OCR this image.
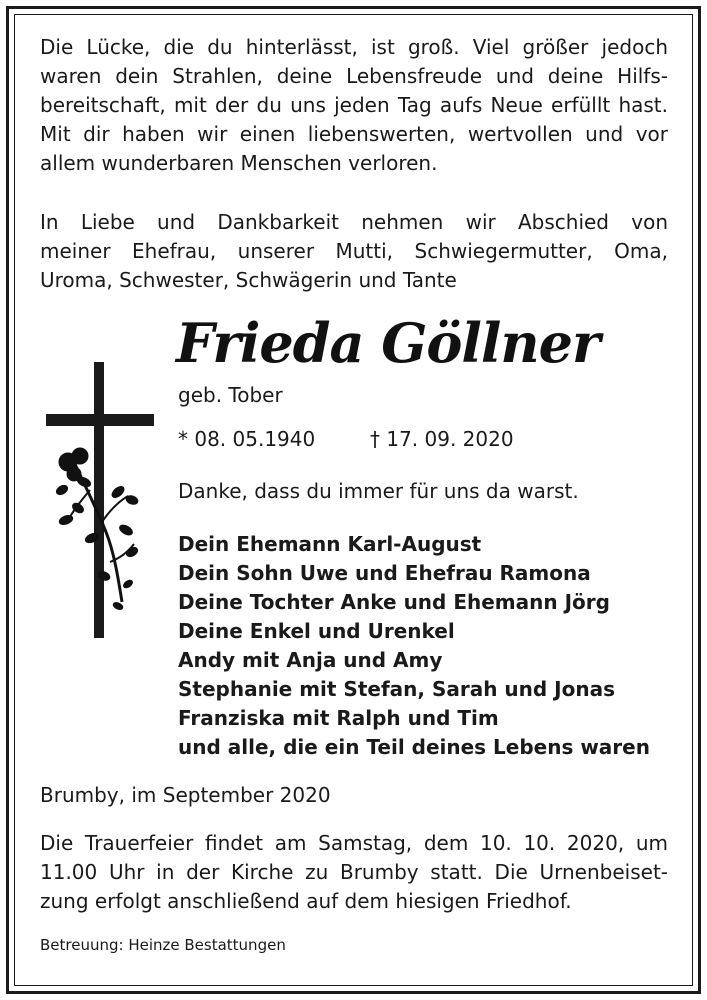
Die Lücke, die du hinterlässt, ist groß. Viel größer jedoch

waren dein Strahlen, deine Lebensfreude und deine Hilfs-

bereitschaft, mit der du uns jeden Tag aufs Neue erfüllt hast.

Mit dir haben wir einen liebenswerten, wertvollen und vor

allem wunderbaren Menschen verloren.

In Liebe und Dankbarkeit nehmen wir Abschied von

meiner Ehefrau, unserer Mutti, Schwiegermutter, Oma,

Uroma, Schwester, Schwägerin und Tante

Frieda Göllner
geb. Tober
* 08. 05.1940	† 17. 09. 2020
Danke, dass du immer für uns da warst.
Dein Ehemann Karl-August
Dein Sohn Uwe und Ehefrau Ramona
Deine Tochter Anke und Ehemann Jörg
Deine Enkel und Urenkel
Andy mit Anja und Amy
Stephanie mit Stefan, Sarah und Jonas
Franziska mit Ralph und Tim
und alle, die ein Teil deines Lebens waren
Brumby, im September 2020

Die Trauerfeier findet am Samstag, dem 10. 10. 2020, um

11.00 Uhr in der Kirche zu Brumby statt. Die Urnenbeiset-

zung erfolgt anschließend auf dem hiesigen Friedhof.

Betreuung: Heinze Bestattungen
